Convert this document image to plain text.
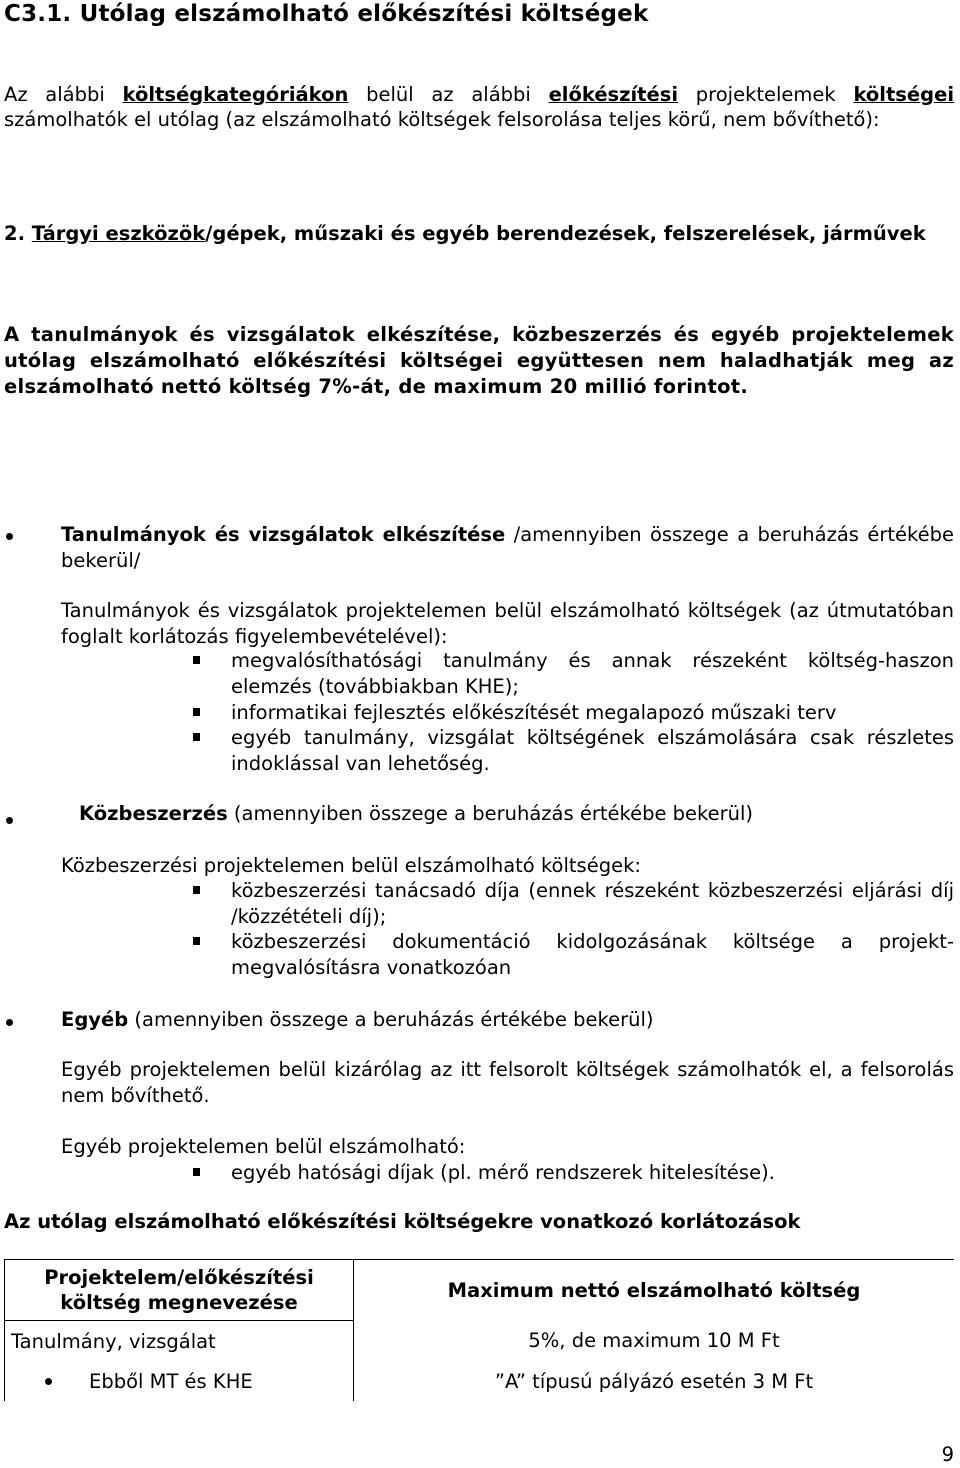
C3.1. Utólag elszámolható előkészítési költségek
Az alábbi költségkategóriákon belül az alábbi előkészítési projektelemek költségei számolhatók el utólag (az elszámolható költségek felsorolása teljes körű, nem bővíthető):
2. Tárgyi eszközök/gépek, műszaki és egyéb berendezések, felszerelések, járművek
A tanulmányok és vizsgálatok elkészítése, közbeszerzés és egyéb projektelemek utólag elszámolható előkészítési költségei együttesen nem haladhatják meg az elszámolható nettó költség 7%-át, de maximum 20 millió forintot.
Tanulmányok és vizsgálatok elkészítése /amennyiben összege a beruházás értékébe bekerül/
Tanulmányok és vizsgálatok projektelemen belül elszámolható költségek (az útmutatóban foglalt korlátozás figyelembevételével):
megvalósíthatósági tanulmány és annak részeként költség-haszon elemzés (továbbiakban KHE);
informatikai fejlesztés előkészítését megalapozó műszaki terv
egyéb tanulmány, vizsgálat költségének elszámolására csak részletes indoklással van lehetőség.
Közbeszerzés (amennyiben összege a beruházás értékébe bekerül)
Közbeszerzési projektelemen belül elszámolható költségek:
közbeszerzési tanácsadó díja (ennek részeként közbeszerzési eljárási díj /közzétételi díj);
közbeszerzési dokumentáció kidolgozásának költsége a projekt-megvalósításra vonatkozóan
Egyéb (amennyiben összege a beruházás értékébe bekerül)
Egyéb projektelemen belül kizárólag az itt felsorolt költségek számolhatók el, a felsorolás nem bővíthető.
Egyéb projektelemen belül elszámolható:
egyéb hatósági díjak (pl. mérő rendszerek hitelesítése).
Az utólag elszámolható előkészítési költségekre vonatkozó korlátozások
Projektelem/előkészítési költség megnevezése	Maximum nettó elszámolható költség
Tanulmány, vizsgálat	5%, de maximum 10 M Ft

Ebből MT és KHE	”A” típusú pályázó esetén 3 M Ft
9
